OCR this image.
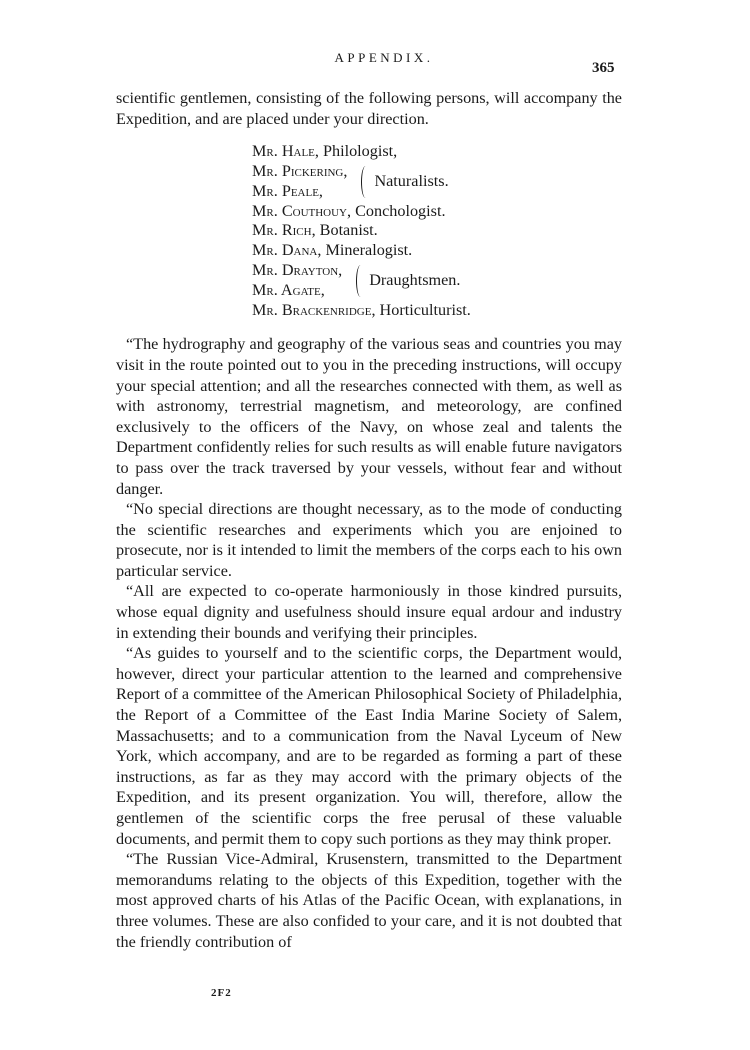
APPENDIX.
365

scientific gentlemen, consisting of the following persons, will accompany the Expedition, and are placed under your direction.

Mr. Hale, Philologist,
Mr. Pickering,
Mr. Peale,
Naturalists.
Mr. Couthouy, Conchologist.
Mr. Rich, Botanist.
Mr. Dana, Mineralogist.
Mr. Drayton,
Mr. Agate,
Draughtsmen.
Mr. Brackenridge, Horticulturist.

“The hydrography and geography of the various seas and countries you may visit in the route pointed out to you in the preceding instructions, will occupy your special attention; and all the researches connected with them, as well as with astronomy, terrestrial magnetism, and meteorology, are confined exclusively to the officers of the Navy, on whose zeal and talents the Department confidently relies for such results as will enable future navigators to pass over the track traversed by your vessels, without fear and without danger.

“No special directions are thought necessary, as to the mode of conducting the scientific researches and experiments which you are enjoined to prosecute, nor is it intended to limit the members of the corps each to his own particular service.

“All are expected to co-operate harmoniously in those kindred pursuits, whose equal dignity and usefulness should insure equal ardour and industry in extending their bounds and verifying their principles.

“As guides to yourself and to the scientific corps, the Department would, however, direct your particular attention to the learned and comprehensive Report of a committee of the American Philosophical Society of Philadelphia, the Report of a Committee of the East India Marine Society of Salem, Massachusetts; and to a communication from the Naval Lyceum of New York, which accompany, and are to be regarded as forming a part of these instructions, as far as they may accord with the primary objects of the Expedition, and its present organization. You will, therefore, allow the gentlemen of the scientific corps the free perusal of these valuable documents, and permit them to copy such portions as they may think proper.

“The Russian Vice-Admiral, Krusenstern, transmitted to the Department memorandums relating to the objects of this Expedition, together with the most approved charts of his Atlas of the Pacific Ocean, with explanations, in three volumes. These are also confided to your care, and it is not doubted that the friendly contribution of

2F2
